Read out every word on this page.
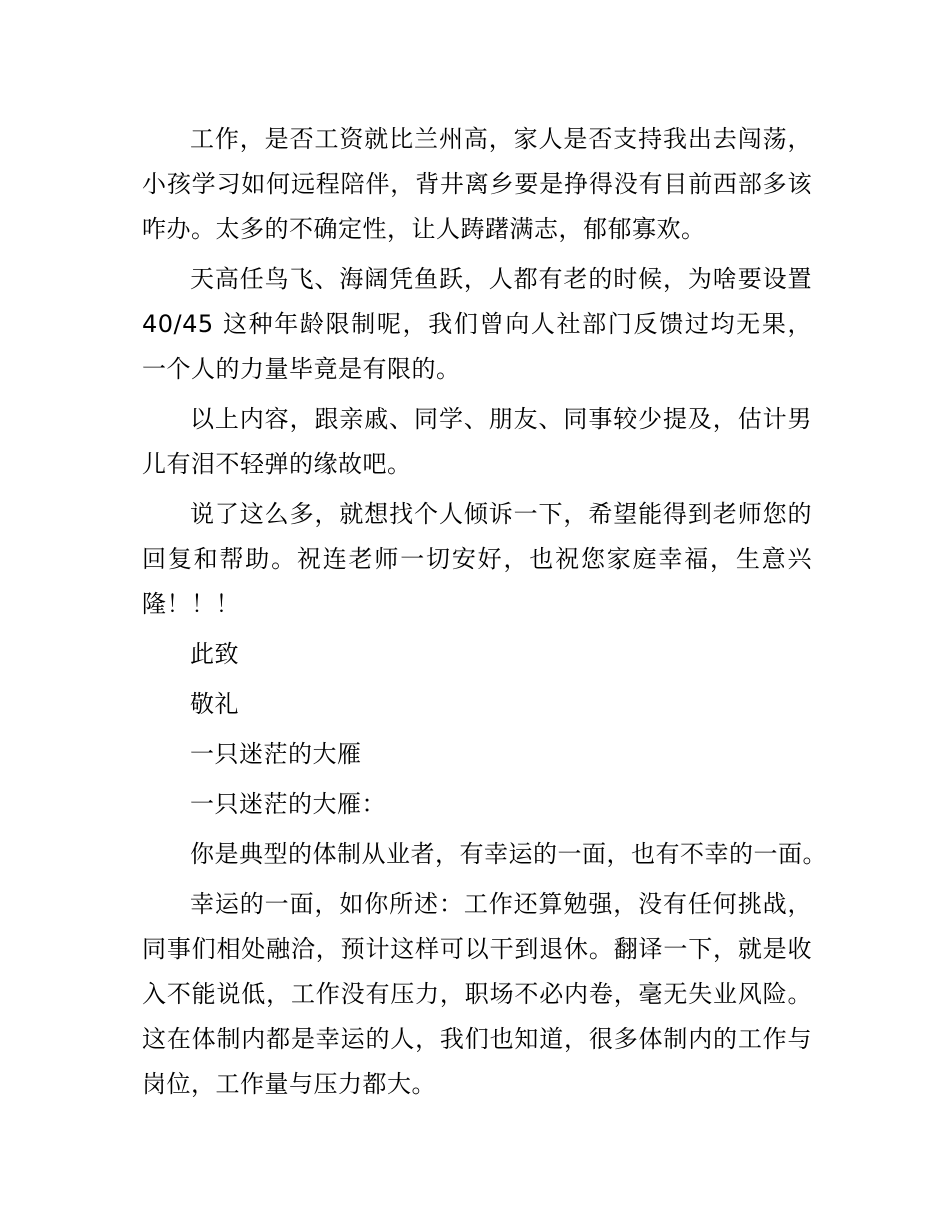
工作，是否工资就比兰州高，家人是否支持我出去闯荡，
小孩学习如何远程陪伴，背井离乡要是挣得没有目前西部多该
咋办。太多的不确定性，让人踌躇满志，郁郁寡欢。
天高任鸟飞、海阔凭鱼跃，人都有老的时候，为啥要设置
40/45 这种年龄限制呢，我们曾向人社部门反馈过均无果，
一个人的力量毕竟是有限的。
以上内容，跟亲戚、同学、朋友、同事较少提及，估计男
儿有泪不轻弹的缘故吧。
说了这么多，就想找个人倾诉一下，希望能得到老师您的
回复和帮助。祝连老师一切安好，也祝您家庭幸福，生意兴
隆！！！
此致
敬礼
一只迷茫的大雁
一只迷茫的大雁：
你是典型的体制从业者，有幸运的一面，也有不幸的一面。
幸运的一面，如你所述：工作还算勉强，没有任何挑战，
同事们相处融洽，预计这样可以干到退休。翻译一下，就是收
入不能说低，工作没有压力，职场不必内卷，毫无失业风险。
这在体制内都是幸运的人，我们也知道，很多体制内的工作与
岗位，工作量与压力都大。
